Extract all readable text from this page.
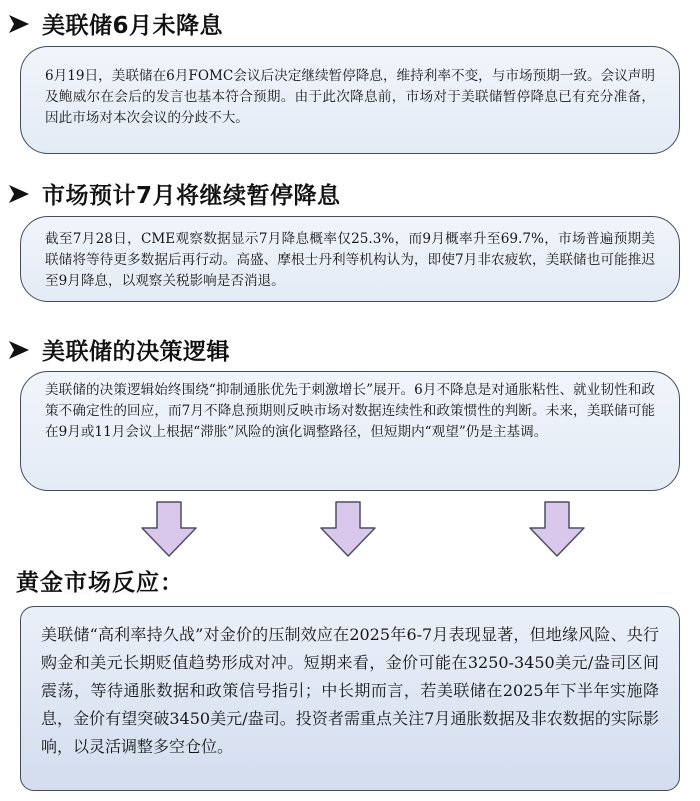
美联储6月未降息
6月19日，美联储在6月FOMC会议后决定继续暂停降息，维持利率不变，与市场预期一致。会议声明及鲍威尔在会后的发言也基本符合预期。由于此次降息前，市场对于美联储暂停降息已有充分准备，因此市场对本次会议的分歧不大。
市场预计7月将继续暂停降息
截至7月28日，CME观察数据显示7月降息概率仅25.3%，而9月概率升至69.7%，市场普遍预期美联储将等待更多数据后再行动。高盛、摩根士丹利等机构认为，即使7月非农疲软，美联储也可能推迟至9月降息，以观察关税影响是否消退。
美联储的决策逻辑
美联储的决策逻辑始终围绕“抑制通胀优先于刺激增长”展开。6月不降息是对通胀粘性、就业韧性和政策不确定性的回应，而7月不降息预期则反映市场对数据连续性和政策惯性的判断。未来，美联储可能在9月或11月会议上根据“滞胀”风险的演化调整路径，但短期内“观望”仍是主基调。
黄金市场反应：
美联储“高利率持久战”对金价的压制效应在2025年6-7月表现显著，但地缘风险、央行购金和美元长期贬值趋势形成对冲。短期来看，金价可能在3250-3450美元/盎司区间震荡，等待通胀数据和政策信号指引；中长期而言，若美联储在2025年下半年实施降息，金价有望突破3450美元/盎司。投资者需重点关注7月通胀数据及非农数据的实际影响，以灵活调整多空仓位。
